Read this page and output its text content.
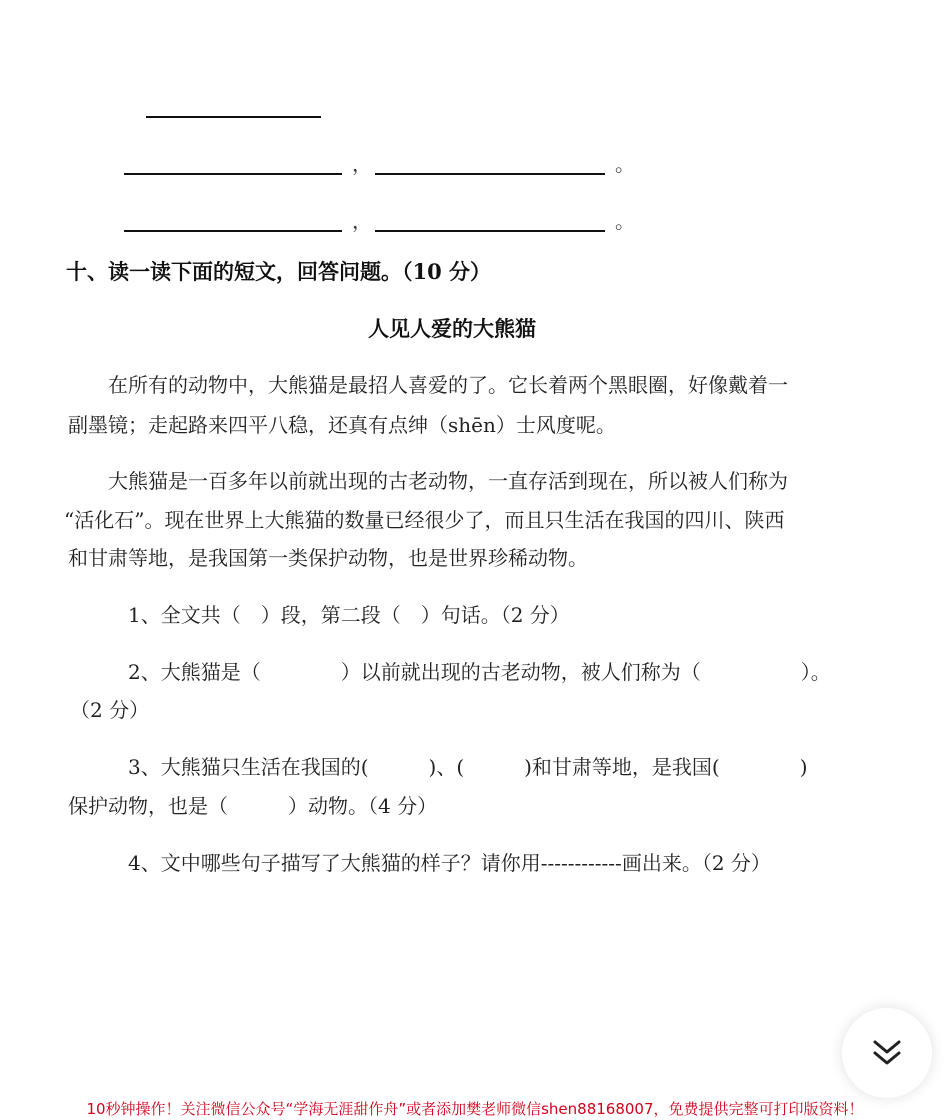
，	。
，	。
十、读一读下面的短文，回答问题。（10 分）
人见人爱的大熊猫
在所有的动物中，大熊猫是最招人喜爱的了。它长着两个黑眼圈，好像戴着一
副墨镜；走起路来四平八稳，还真有点绅（shēn）士风度呢。
大熊猫是一百多年以前就出现的古老动物，一直存活到现在，所以被人们称为
“活化石”。现在世界上大熊猫的数量已经很少了，而且只生活在我国的四川、陕西
和甘肃等地，是我国第一类保护动物，也是世界珍稀动物。
1、全文共（　）段，第二段（　）句话。（2 分）
2、大熊猫是（　　　　）以前就出现的古老动物，被人们称为（　　　　　）。
（2 分）
3、大熊猫只生活在我国的(　　　)、(　　　)和甘肃等地，是我国(　　　　)
保护动物，也是（　　　）动物。（4 分）
4、文中哪些句子描写了大熊猫的样子？请你用------------画出来。（2 分）
10秒钟操作！关注微信公众号“学海无涯甜作舟”或者添加樊老师微信shen88168007，免费提供完整可打印版资料！
